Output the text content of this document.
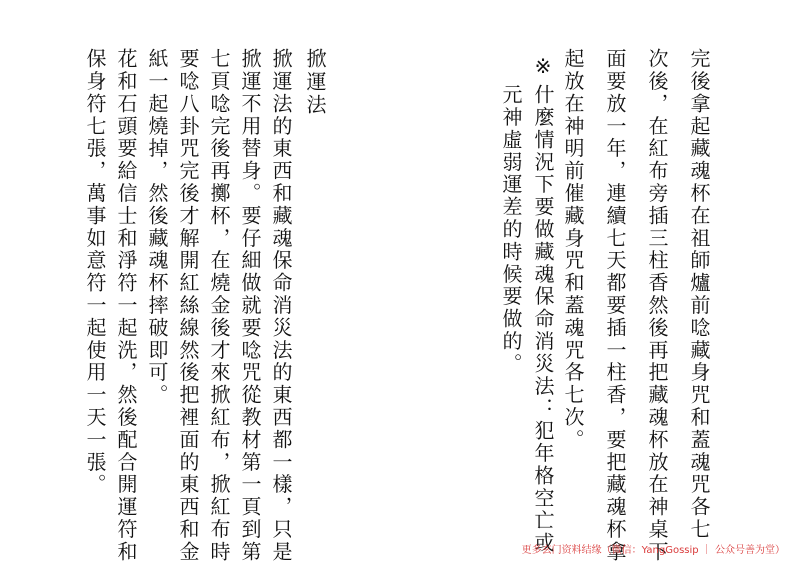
完後拿起藏魂杯在祖師爐前唸藏身咒和蓋魂咒各七
次後，在紅布旁插三柱香然後再把藏魂杯放在神桌下
面要放一年，連續七天都要插一柱香，要把藏魂杯拿
起放在神明前催藏身咒和蓋魂咒各七次。
※
什麼情況下要做藏魂保命消災法：犯年格空亡或
元神虛弱運差的時候要做的。
掀運法
掀運法的東西和藏魂保命消災法的東西都一樣，只是
掀運不用替身。要仔細做就要唸咒從教材第一頁到第
七頁唸完後再擲杯，在燒金後才來掀紅布，掀紅布時
要唸八卦咒完後才解開紅絲線然後把裡面的東西和金
紙一起燒掉，然後藏魂杯摔破即可。
花和石頭要給信士和淨符一起洗，然後配合開運符和
保身符七張，萬事如意符一起使用一天一張。
更多玄门资料结缘（微信：YangGossip ｜ 公众号善为堂）
